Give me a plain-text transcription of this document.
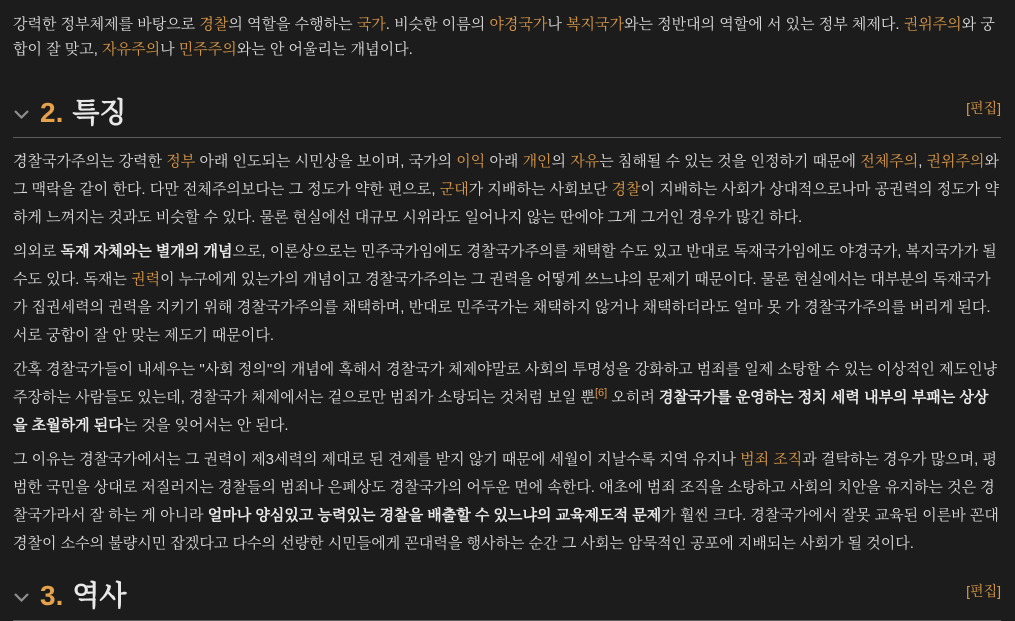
강력한 정부체제를 바탕으로 경찰의 역할을 수행하는 국가. 비슷한 이름의 야경국가나 복지국가와는 정반대의 역할에 서 있는 정부 체제다. 권위주의와 궁합이 잘 맞고, 자유주의나 민주주의와는 안 어울리는 개념이다.

2. 특징	[편집]

경찰국가주의는 강력한 정부 아래 인도되는 시민상을 보이며, 국가의 이익 아래 개인의 자유는 침해될 수 있는 것을 인정하기 때문에 전체주의, 권위주의와 그 맥락을 같이 한다. 다만 전체주의보다는 그 정도가 약한 편으로, 군대가 지배하는 사회보단 경찰이 지배하는 사회가 상대적으로나마 공권력의 정도가 약하게 느껴지는 것과도 비슷할 수 있다. 물론 현실에선 대규모 시위라도 일어나지 않는 딴에야 그게 그거인 경우가 많긴 하다.

의외로 독재 자체와는 별개의 개념으로, 이론상으로는 민주국가임에도 경찰국가주의를 채택할 수도 있고 반대로 독재국가임에도 야경국가, 복지국가가 될 수도 있다. 독재는 권력이 누구에게 있는가의 개념이고 경찰국가주의는 그 권력을 어떻게 쓰느냐의 문제기 때문이다. 물론 현실에서는 대부분의 독재국가가 집권세력의 권력을 지키기 위해 경찰국가주의를 채택하며, 반대로 민주국가는 채택하지 않거나 채택하더라도 얼마 못 가 경찰국가주의를 버리게 된다. 서로 궁합이 잘 안 맞는 제도기 때문이다.

간혹 경찰국가들이 내세우는 "사회 정의"의 개념에 혹해서 경찰국가 체제야말로 사회의 투명성을 강화하고 범죄를 일제 소탕할 수 있는 이상적인 제도인냥 주장하는 사람들도 있는데, 경찰국가 체제에서는 겉으로만 범죄가 소탕되는 것처럼 보일 뿐[6] 오히려 경찰국가를 운영하는 정치 세력 내부의 부패는 상상을 초월하게 된다는 것을 잊어서는 안 된다.

그 이유는 경찰국가에서는 그 권력이 제3세력의 제대로 된 견제를 받지 않기 때문에 세월이 지날수록 지역 유지나 범죄 조직과 결탁하는 경우가 많으며, 평범한 국민을 상대로 저질러지는 경찰들의 범죄나 은폐상도 경찰국가의 어두운 면에 속한다. 애초에 범죄 조직을 소탕하고 사회의 치안을 유지하는 것은 경찰국가라서 잘 하는 게 아니라 얼마나 양심있고 능력있는 경찰을 배출할 수 있느냐의 교육제도적 문제가 훨씬 크다. 경찰국가에서 잘못 교육된 이른바 꼰대경찰이 소수의 불량시민 잡겠다고 다수의 선량한 시민들에게 꼰대력을 행사하는 순간 그 사회는 암묵적인 공포에 지배되는 사회가 될 것이다.

3. 역사	[편집]
